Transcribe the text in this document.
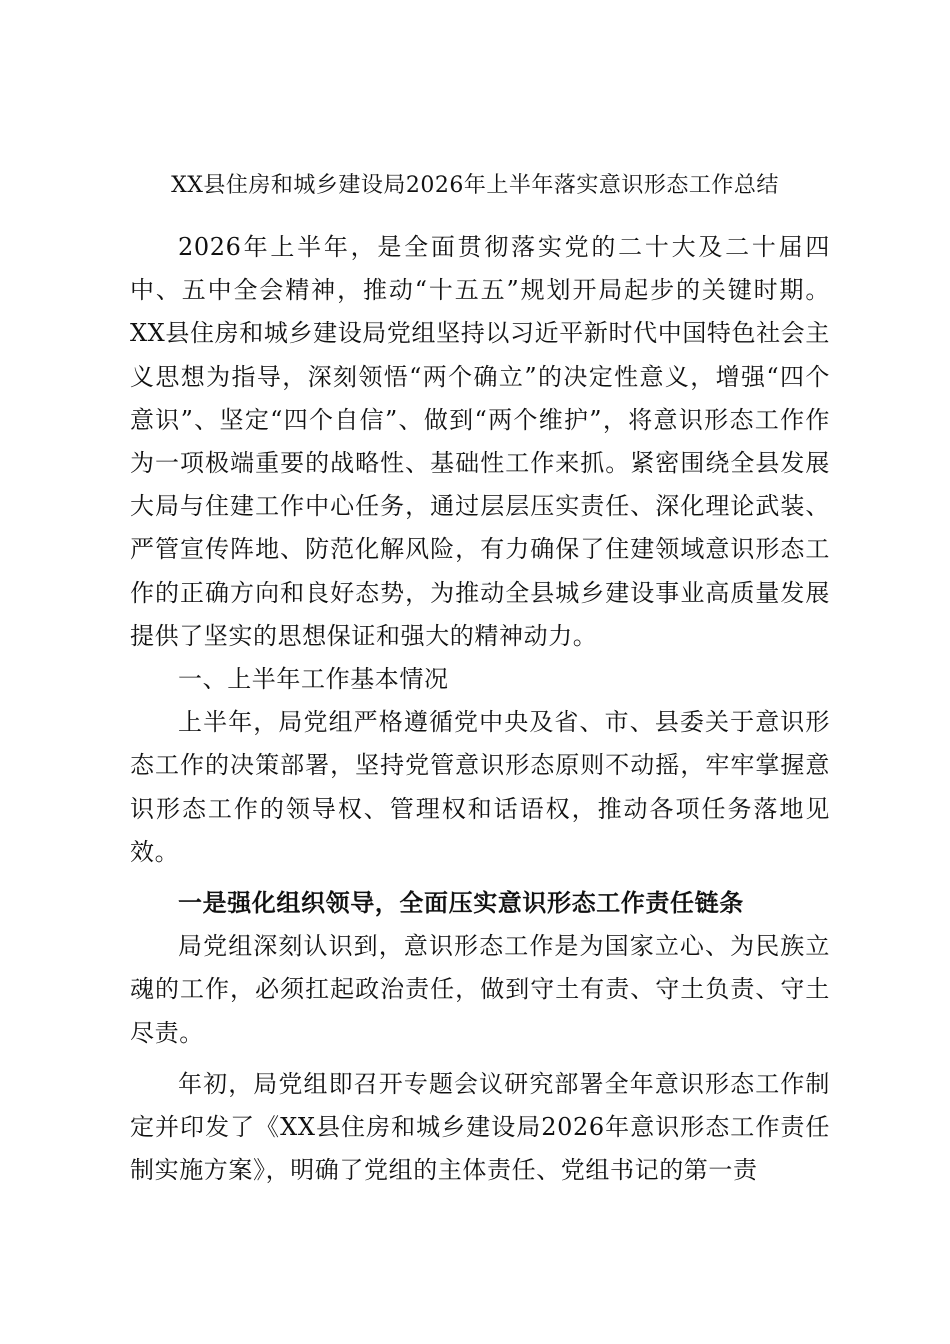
XX县住房和城乡建设局2026年上半年落实意识形态工作总结

2026年上半年，是全面贯彻落实党的二十大及二十届四中、五中全会精神，推动“十五五”规划开局起步的关键时期。XX县住房和城乡建设局党组坚持以习近平新时代中国特色社会主义思想为指导，深刻领悟“两个确立”的决定性意义，增强“四个意识”、坚定“四个自信”、做到“两个维护”，将意识形态工作作为一项极端重要的战略性、基础性工作来抓。紧密围绕全县发展大局与住建工作中心任务，通过层层压实责任、深化理论武装、严管宣传阵地、防范化解风险，有力确保了住建领域意识形态工作的正确方向和良好态势，为推动全县城乡建设事业高质量发展提供了坚实的思想保证和强大的精神动力。

一、上半年工作基本情况

上半年，局党组严格遵循党中央及省、市、县委关于意识形态工作的决策部署，坚持党管意识形态原则不动摇，牢牢掌握意识形态工作的领导权、管理权和话语权，推动各项任务落地见效。

一是强化组织领导，全面压实意识形态工作责任链条

局党组深刻认识到，意识形态工作是为国家立心、为民族立魂的工作，必须扛起政治责任，做到守土有责、守土负责、守土尽责。

年初，局党组即召开专题会议研究部署全年意识形态工作制定并印发了《XX县住房和城乡建设局2026年意识形态工作责任制实施方案》，明确了党组的主体责任、党组书记的第一责
